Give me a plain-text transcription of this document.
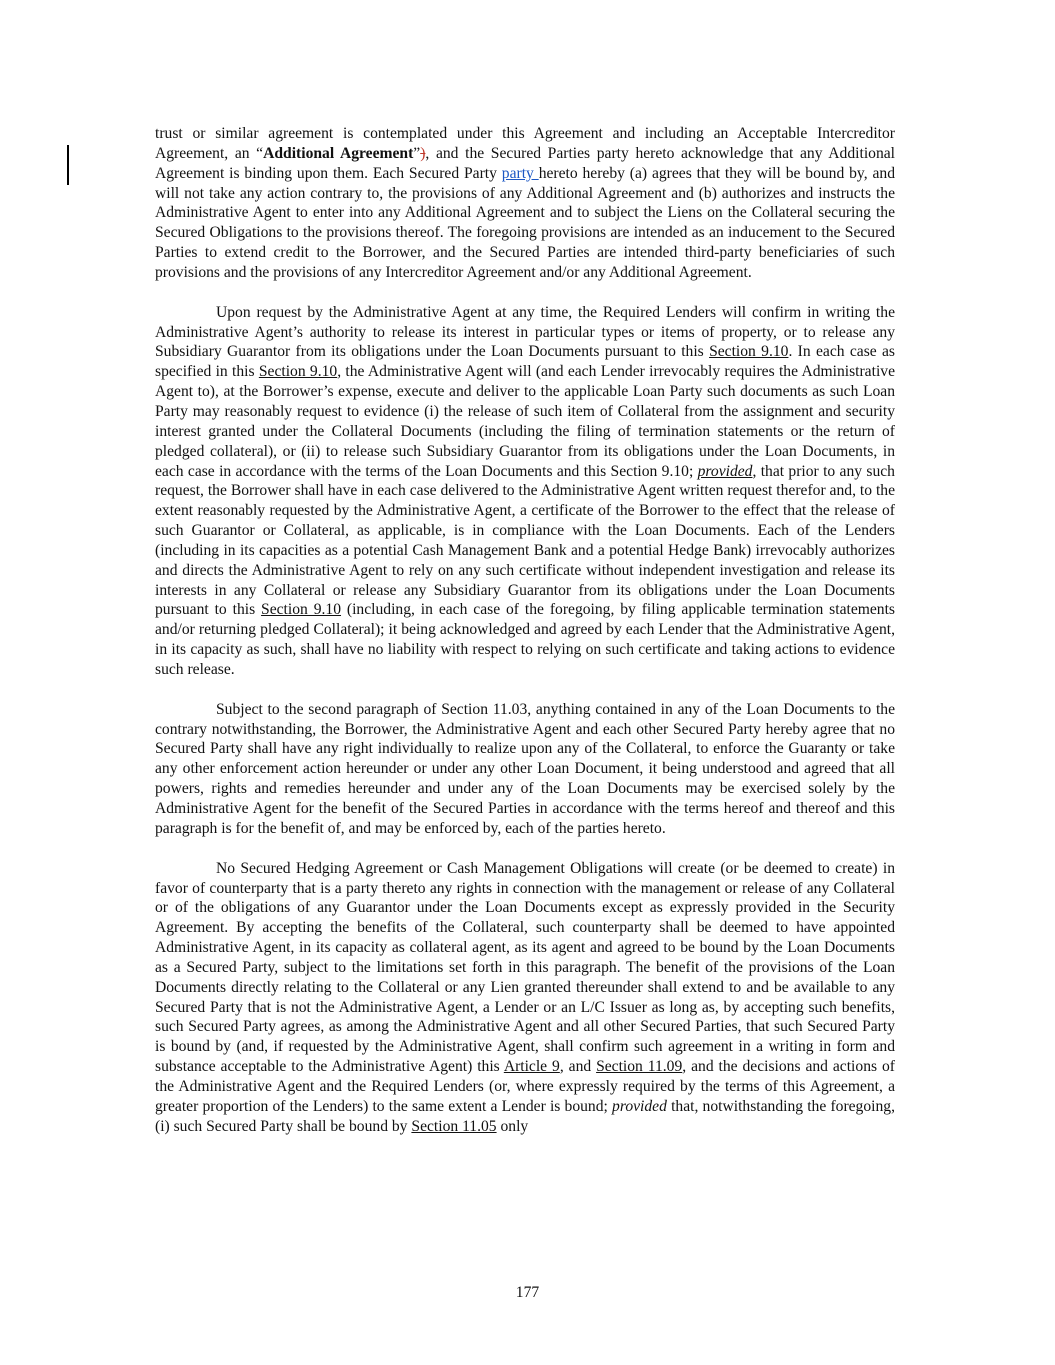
trust or similar agreement is contemplated under this Agreement and including an Acceptable Intercreditor Agreement, an “Additional Agreement”), and the Secured Parties party hereto acknowledge that any Additional Agreement is binding upon them. Each Secured Party party hereto hereby (a) agrees that they will be bound by, and will not take any action contrary to, the provisions of any Additional Agreement and (b) authorizes and instructs the Administrative Agent to enter into any Additional Agreement and to subject the Liens on the Collateral securing the Secured Obligations to the provisions thereof. The foregoing provisions are intended as an inducement to the Secured Parties to extend credit to the Borrower, and the Secured Parties are intended third-party beneficiaries of such provisions and the provisions of any Intercreditor Agreement and/or any Additional Agreement.

Upon request by the Administrative Agent at any time, the Required Lenders will confirm in writing the Administrative Agent’s authority to release its interest in particular types or items of property, or to release any Subsidiary Guarantor from its obligations under the Loan Documents pursuant to this Section 9.10. In each case as specified in this Section 9.10, the Administrative Agent will (and each Lender irrevocably requires the Administrative Agent to), at the Borrower’s expense, execute and deliver to the applicable Loan Party such documents as such Loan Party may reasonably request to evidence (i) the release of such item of Collateral from the assignment and security interest granted under the Collateral Documents (including the filing of termination statements or the return of pledged collateral), or (ii) to release such Subsidiary Guarantor from its obligations under the Loan Documents, in each case in accordance with the terms of the Loan Documents and this Section 9.10; provided, that prior to any such request, the Borrower shall have in each case delivered to the Administrative Agent written request therefor and, to the extent reasonably requested by the Administrative Agent, a certificate of the Borrower to the effect that the release of such Guarantor or Collateral, as applicable, is in compliance with the Loan Documents. Each of the Lenders (including in its capacities as a potential Cash Management Bank and a potential Hedge Bank) irrevocably authorizes and directs the Administrative Agent to rely on any such certificate without independent investigation and release its interests in any Collateral or release any Subsidiary Guarantor from its obligations under the Loan Documents pursuant to this Section 9.10 (including, in each case of the foregoing, by filing applicable termination statements and/or returning pledged Collateral); it being acknowledged and agreed by each Lender that the Administrative Agent, in its capacity as such, shall have no liability with respect to relying on such certificate and taking actions to evidence such release.

Subject to the second paragraph of Section 11.03, anything contained in any of the Loan Documents to the contrary notwithstanding, the Borrower, the Administrative Agent and each other Secured Party hereby agree that no Secured Party shall have any right individually to realize upon any of the Collateral, to enforce the Guaranty or take any other enforcement action hereunder or under any other Loan Document, it being understood and agreed that all powers, rights and remedies hereunder and under any of the Loan Documents may be exercised solely by the Administrative Agent for the benefit of the Secured Parties in accordance with the terms hereof and thereof and this paragraph is for the benefit of, and may be enforced by, each of the parties hereto.

No Secured Hedging Agreement or Cash Management Obligations will create (or be deemed to create) in favor of counterparty that is a party thereto any rights in connection with the management or release of any Collateral or of the obligations of any Guarantor under the Loan Documents except as expressly provided in the Security Agreement. By accepting the benefits of the Collateral, such counterparty shall be deemed to have appointed Administrative Agent, in its capacity as collateral agent, as its agent and agreed to be bound by the Loan Documents as a Secured Party, subject to the limitations set forth in this paragraph. The benefit of the provisions of the Loan Documents directly relating to the Collateral or any Lien granted thereunder shall extend to and be available to any Secured Party that is not the Administrative Agent, a Lender or an L/C Issuer as long as, by accepting such benefits, such Secured Party agrees, as among the Administrative Agent and all other Secured Parties, that such Secured Party is bound by (and, if requested by the Administrative Agent, shall confirm such agreement in a writing in form and substance acceptable to the Administrative Agent) this Article 9, and Section 11.09, and the decisions and actions of the Administrative Agent and the Required Lenders (or, where expressly required by the terms of this Agreement, a greater proportion of the Lenders) to the same extent a Lender is bound; provided that, notwithstanding the foregoing, (i) such Secured Party shall be bound by Section 11.05 only

177
